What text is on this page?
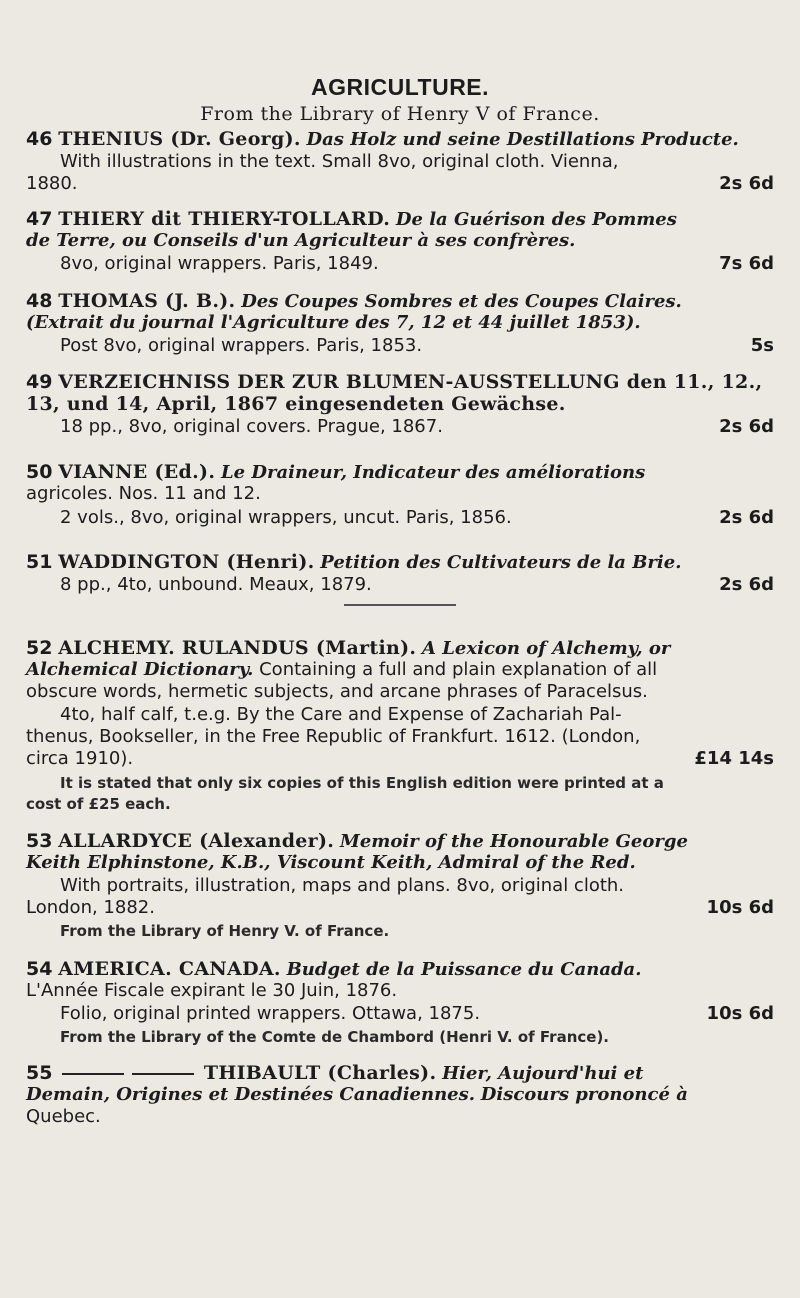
AGRICULTURE.
From the Library of Henry V of France.
46 THENIUS (Dr. Georg). Das Holz und seine Destillations Producte.
With illustrations in the text. Small 8vo, original cloth. Vienna,
1880.	2s 6d
47 THIERY dit THIERY-TOLLARD. De la Guérison des Pommes
de Terre, ou Conseils d'un Agriculteur à ses confrères.
8vo, original wrappers. Paris, 1849.	7s 6d
48 THOMAS (J. B.). Des Coupes Sombres et des Coupes Claires.
(Extrait du journal l'Agriculture des 7, 12 et 44 juillet 1853).
Post 8vo, original wrappers. Paris, 1853.	5s
49 VERZEICHNISS DER ZUR BLUMEN-AUSSTELLUNG den 11., 12.,
13, und 14, April, 1867 eingesendeten Gewächse.
18 pp., 8vo, original covers. Prague, 1867.	2s 6d
50 VIANNE (Ed.). Le Draineur, Indicateur des améliorations
agricoles. Nos. 11 and 12.
2 vols., 8vo, original wrappers, uncut. Paris, 1856.	2s 6d
51 WADDINGTON (Henri). Petition des Cultivateurs de la Brie.
8 pp., 4to, unbound. Meaux, 1879.	2s 6d
52 ALCHEMY. RULANDUS (Martin). A Lexicon of Alchemy, or
Alchemical Dictionary. Containing a full and plain explanation of all
obscure words, hermetic subjects, and arcane phrases of Paracelsus.
4to, half calf, t.e.g. By the Care and Expense of Zachariah Pal-
thenus, Bookseller, in the Free Republic of Frankfurt. 1612. (London,
circa 1910).	£14 14s
It is stated that only six copies of this English edition were printed at a
cost of £25 each.
53 ALLARDYCE (Alexander). Memoir of the Honourable George
Keith Elphinstone, K.B., Viscount Keith, Admiral of the Red.
With portraits, illustration, maps and plans. 8vo, original cloth.
London, 1882.	10s 6d
From the Library of Henry V. of France.
54 AMERICA. CANADA. Budget de la Puissance du Canada.
L'Année Fiscale expirant le 30 Juin, 1876.
Folio, original printed wrappers. Ottawa, 1875.	10s 6d
From the Library of the Comte de Chambord (Henri V. of France).
55	THIBAULT (Charles). Hier, Aujourd'hui et
Demain, Origines et Destinées Canadiennes. Discours prononcé à
Quebec.
